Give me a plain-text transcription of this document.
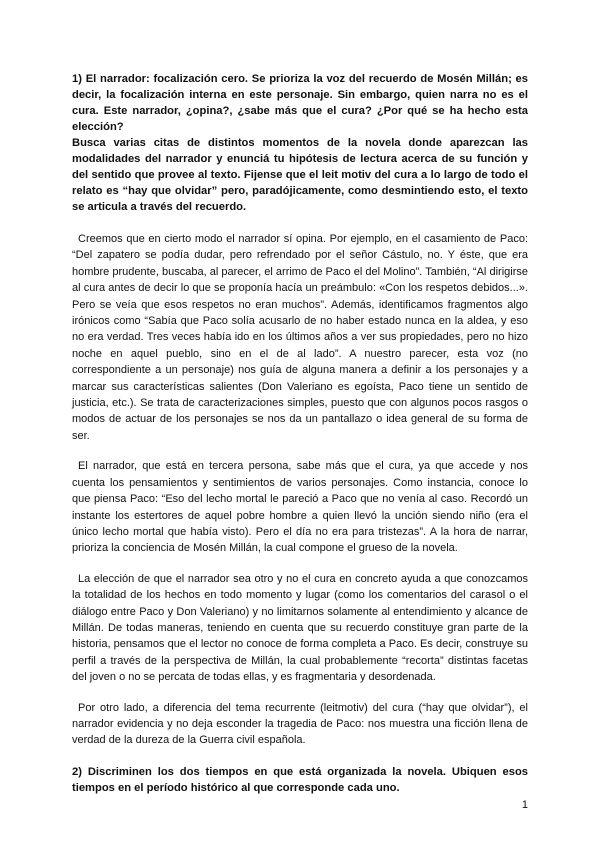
1) El narrador: focalización cero. Se prioriza la voz del recuerdo de Mosén Millán; es decir, la focalización interna en este personaje. Sin embargo, quien narra no es el cura. Este narrador, ¿opina?, ¿sabe más que el cura? ¿Por qué se ha hecho esta elección?

Busca varias citas de distintos momentos de la novela donde aparezcan las modalidades del narrador y enunciá tu hipótesis de lectura acerca de su función y del sentido que provee al texto. Fijense que el leit motiv del cura a lo largo de todo el relato es “hay que olvidar” pero, paradójicamente, como desmintiendo esto, el texto se articula a través del recuerdo.

Creemos que en cierto modo el narrador sí opina. Por ejemplo, en el casamiento de Paco: “Del zapatero se podía dudar, pero refrendado por el señor Cástulo, no. Y éste, que era hombre prudente, buscaba, al parecer, el arrimo de Paco el del Molino”. También, “Al dirigirse al cura antes de decir lo que se proponía hacía un preámbulo: «Con los respetos debidos...». Pero se veía que esos respetos no eran muchos”. Además, identificamos fragmentos algo irónicos como “Sabía que Paco solía acusarlo de no haber estado nunca en la aldea, y eso no era verdad. Tres veces había ido en los últimos años a ver sus propiedades, pero no hizo noche en aquel pueblo, sino en el de al lado”. A nuestro parecer, esta voz (no correspondiente a un personaje) nos guía de alguna manera a definir a los personajes y a marcar sus características salientes (Don Valeriano es egoísta, Paco tiene un sentido de justicia, etc.). Se trata de caracterizaciones simples, puesto que con algunos pocos rasgos o modos de actuar de los personajes se nos da un pantallazo o idea general de su forma de ser.

El narrador, que está en tercera persona, sabe más que el cura, ya que accede y nos cuenta los pensamientos y sentimientos de varios personajes. Como instancia, conoce lo que piensa Paco: “Eso del lecho mortal le pareció a Paco que no venía al caso. Recordó un instante los estertores de aquel pobre hombre a quien llevó la unción siendo niño (era el único lecho mortal que había visto). Pero el día no era para tristezas”. A la hora de narrar, prioriza la conciencia de Mosén Millán, la cual compone el grueso de la novela.

La elección de que el narrador sea otro y no el cura en concreto ayuda a que conozcamos la totalidad de los hechos en todo momento y lugar (como los comentarios del carasol o el diálogo entre Paco y Don Valeriano) y no limitarnos solamente al entendimiento y alcance de Millán. De todas maneras, teniendo en cuenta que su recuerdo constituye gran parte de la historia, pensamos que el lector no conoce de forma completa a Paco. Es decir, construye su perfil a través de la perspectiva de Millán, la cual probablemente “recorta” distintas facetas del joven o no se percata de todas ellas, y es fragmentaria y desordenada.

Por otro lado, a diferencia del tema recurrente (leitmotiv) del cura (“hay que olvidar”), el narrador evidencia y no deja esconder la tragedia de Paco: nos muestra una ficción llena de verdad de la dureza de la Guerra civil española.

2) Discriminen los dos tiempos en que está organizada la novela. Ubiquen esos tiempos en el período histórico al que corresponde cada uno.

1
